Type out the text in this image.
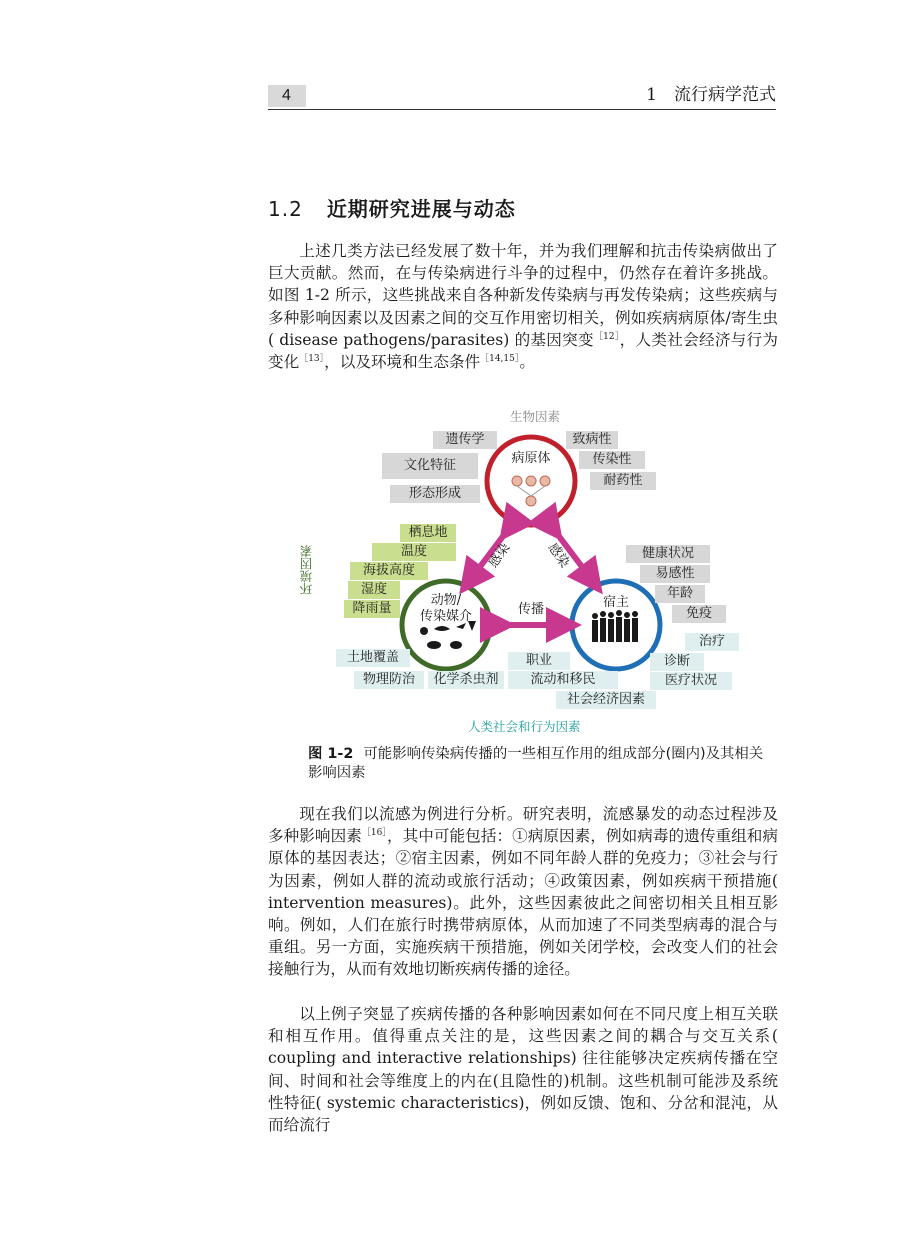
4	1　流行病学范式
1.2 近期研究进展与动态

上述几类方法已经发展了数十年，并为我们理解和抗击传染病做出了巨大贡献。然而，在与传染病进行斗争的过程中，仍然存在着许多挑战。如图 1-2 所示，这些挑战来自各种新发传染病与再发传染病；这些疾病与多种影响因素以及因素之间的交互作用密切相关，例如疾病病原体/寄生虫( disease pathogens/parasites) 的基因突变$^{[12]}$，人类社会经济与行为变化$^{[13]}$，以及环境和生态条件$^{[14,15]}$。

生物因素
环境因素
人类社会和行为因素
病原体
动物/
传染媒介
宿主
感染 感染
传播
遗传学
文化特征
形态形成
致病性
传染性
耐药性
栖息地
温度
海拔高度
湿度
降雨量
健康状况
易感性
年龄
免疫
治疗
诊断
医疗状况
土地覆盖
物理防治	化学杀虫剂
职业
流动和移民
社会经济因素
图 1-2 可能影响传染病传播的一些相互作用的组成部分(圈内)及其相关影响因素

现在我们以流感为例进行分析。研究表明，流感暴发的动态过程涉及多种影响因素$^{[16]}$，其中可能包括：①病原因素，例如病毒的遗传重组和病原体的基因表达；②宿主因素，例如不同年龄人群的免疫力；③社会与行为因素，例如人群的流动或旅行活动；④政策因素，例如疾病干预措施( intervention measures)。此外，这些因素彼此之间密切相关且相互影响。例如，人们在旅行时携带病原体，从而加速了不同类型病毒的混合与重组。另一方面，实施疾病干预措施，例如关闭学校，会改变人们的社会接触行为，从而有效地切断疾病传播的途径。

以上例子突显了疾病传播的各种影响因素如何在不同尺度上相互关联和相互作用。值得重点关注的是，这些因素之间的耦合与交互关系( coupling and interactive relationships) 往往能够决定疾病传播在空间、时间和社会等维度上的内在(且隐性的)机制。这些机制可能涉及系统性特征( systemic characteristics)，例如反馈、饱和、分岔和混沌，从而给流行
